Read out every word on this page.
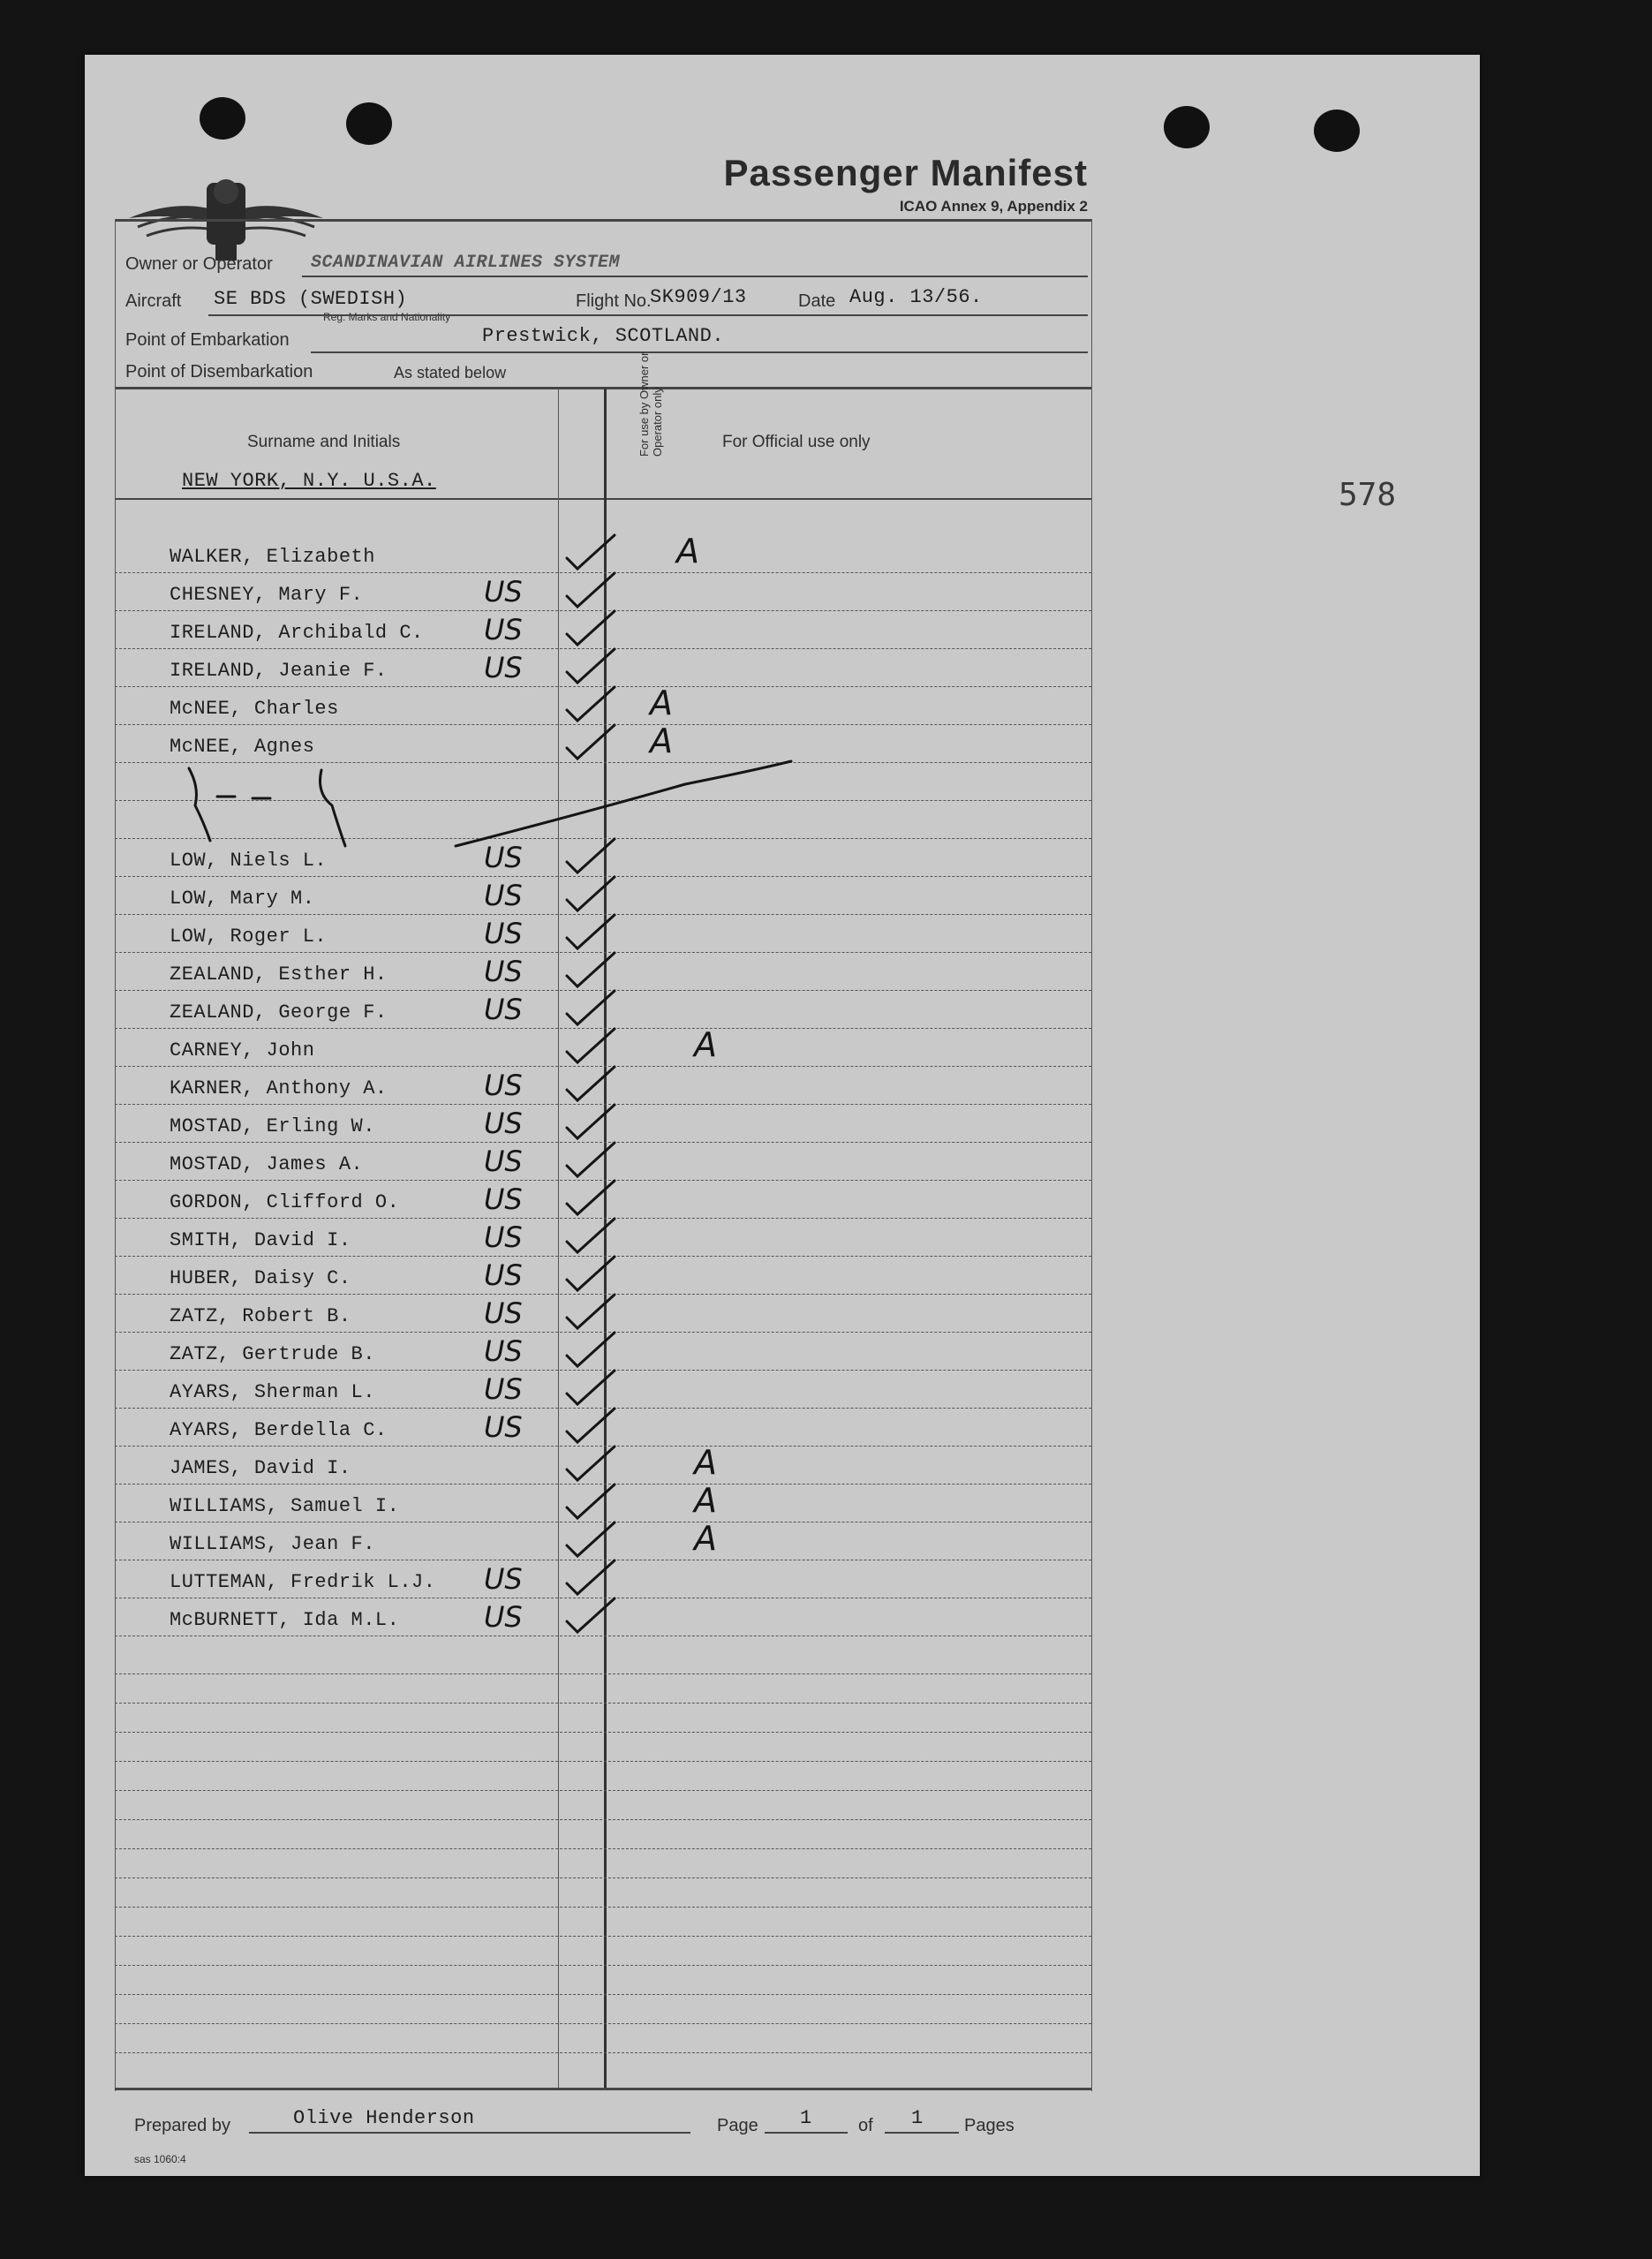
Passenger Manifest
ICAO Annex 9, Appendix 2
578
Owner or Operator SCANDINAVIAN AIRLINES SYSTEM
Aircraft SE BDS (SWEDISH)
Reg. Marks and Nationality
Flight No.
SK909/13	Date Aug. 13/56.
Point of Embarkation	Prestwick, SCOTLAND.
Point of Disembarkation	As stated below
Surname and Initials	For use by Owner or Operator only	For Official use only
NEW YORK, N.Y. U.S.A.
WALKER, Elizabeth	A
CHESNEY, Mary F.	US
IRELAND, Archibald C. US
IRELAND, Jeanie F.	US
McNEE, Charles	A
McNEE, Agnes	A
LOW, Niels L.	US
LOW, Mary M.	US
LOW, Roger L.	US
ZEALAND, Esther H.	US
ZEALAND, George F.	US
CARNEY, John	A
KARNER, Anthony A.	US
MOSTAD, Erling W.	US
MOSTAD, James A.	US
GORDON, Clifford O.	US
SMITH, David I.	US
HUBER, Daisy C.	US
ZATZ, Robert B.	US
ZATZ, Gertrude B.	US
AYARS, Sherman L.	US
AYARS, Berdella C.	US
JAMES, David I.	A
WILLIAMS, Samuel I.	A
WILLIAMS, Jean F.	A
LUTTEMAN, Fredrik L.J. US
McBURNETT, Ida M.L.	US
Prepared by	Olive Henderson	Page 1	of 1 Pages
sas 1060:4
